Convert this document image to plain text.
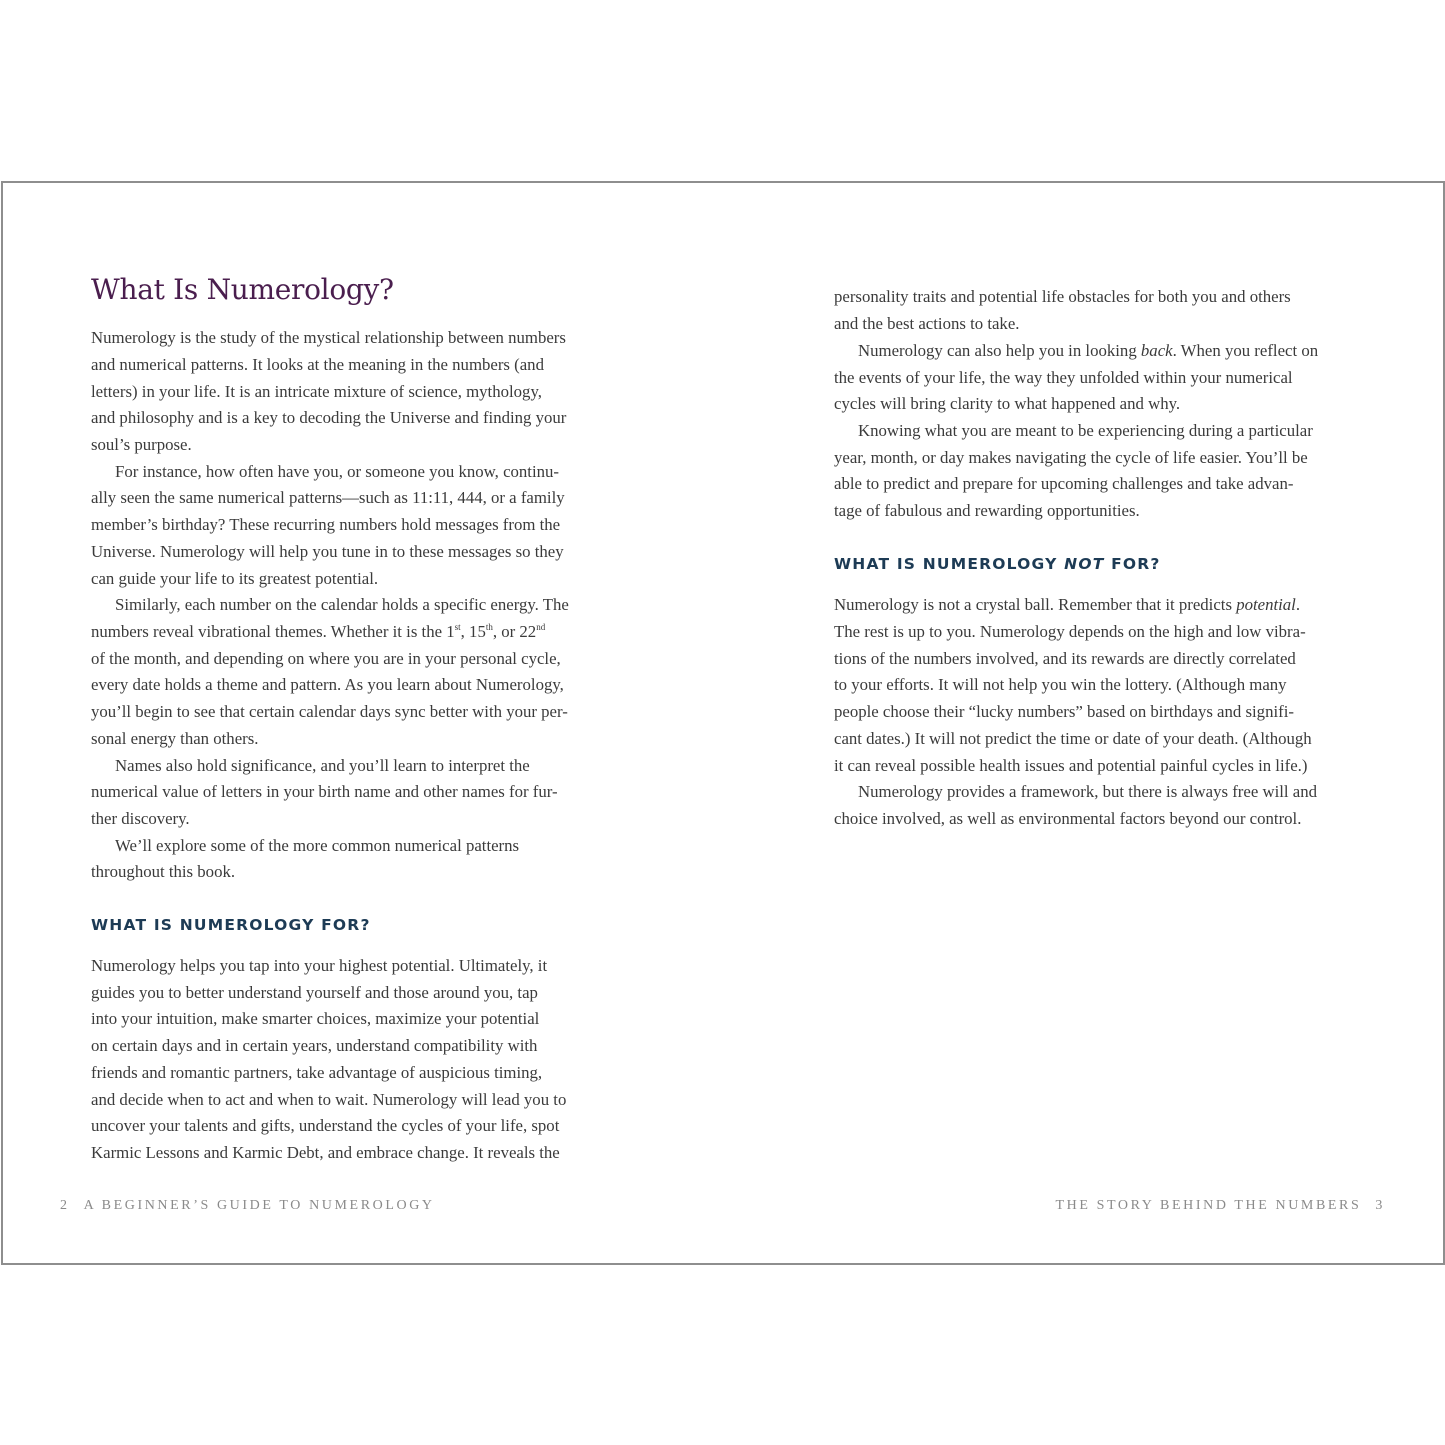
What Is Numerology?
Numerology is the study of the mystical relationship between numbers
and numerical patterns. It looks at the meaning in the numbers (and
letters) in your life. It is an intricate mixture of science, mythology,
and philosophy and is a key to decoding the Universe and finding your
soul’s purpose.
For instance, how often have you, or someone you know, continu-
ally seen the same numerical patterns—such as 11:11, 444, or a family
member’s birthday? These recurring numbers hold messages from the
Universe. Numerology will help you tune in to these messages so they
can guide your life to its greatest potential.
Similarly, each number on the calendar holds a specific energy. The
numbers reveal vibrational themes. Whether it is the 1st, 15th, or 22nd
of the month, and depending on where you are in your personal cycle,
every date holds a theme and pattern. As you learn about Numerology,
you’ll begin to see that certain calendar days sync better with your per-
sonal energy than others.
Names also hold significance, and you’ll learn to interpret the
numerical value of letters in your birth name and other names for fur-
ther discovery.
We’ll explore some of the more common numerical patterns
throughout this book.
WHAT IS NUMEROLOGY FOR?
Numerology helps you tap into your highest potential. Ultimately, it
guides you to better understand yourself and those around you, tap
into your intuition, make smarter choices, maximize your potential
on certain days and in certain years, understand compatibility with
friends and romantic partners, take advantage of auspicious timing,
and decide when to act and when to wait. Numerology will lead you to
uncover your talents and gifts, understand the cycles of your life, spot
Karmic Lessons and Karmic Debt, and embrace change. It reveals the
personality traits and potential life obstacles for both you and others
and the best actions to take.
Numerology can also help you in looking back. When you reflect on
the events of your life, the way they unfolded within your numerical
cycles will bring clarity to what happened and why.
Knowing what you are meant to be experiencing during a particular
year, month, or day makes navigating the cycle of life easier. You’ll be
able to predict and prepare for upcoming challenges and take advan-
tage of fabulous and rewarding opportunities.
WHAT IS NUMEROLOGY NOT FOR?
Numerology is not a crystal ball. Remember that it predicts potential.
The rest is up to you. Numerology depends on the high and low vibra-
tions of the numbers involved, and its rewards are directly correlated
to your efforts. It will not help you win the lottery. (Although many
people choose their “lucky numbers” based on birthdays and signifi-
cant dates.) It will not predict the time or date of your death. (Although
it can reveal possible health issues and potential painful cycles in life.)
Numerology provides a framework, but there is always free will and
choice involved, as well as environmental factors beyond our control.
2 A BEGINNER’S GUIDE TO NUMEROLOGY	THE STORY BEHIND THE NUMBERS 3
